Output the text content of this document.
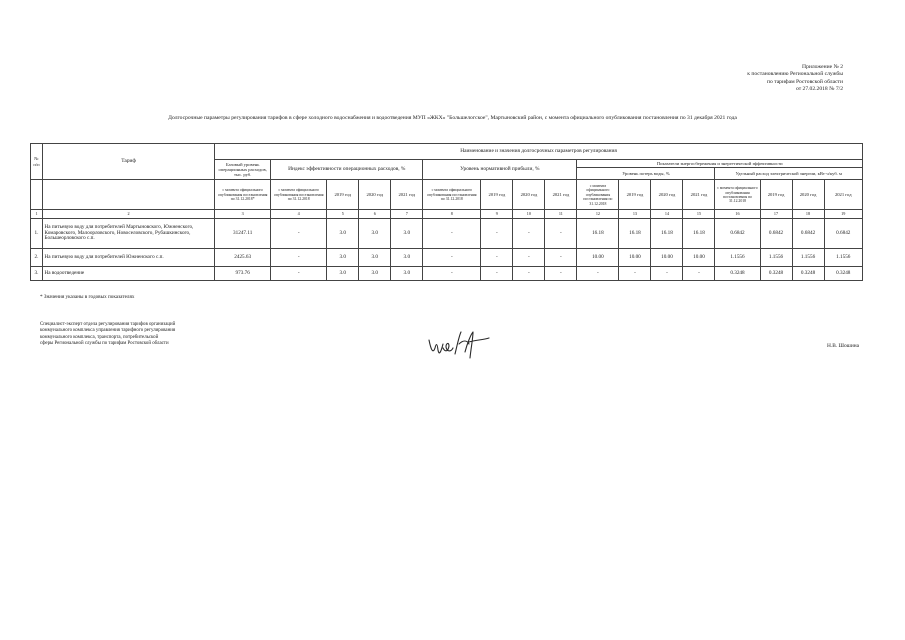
Приложение № 2
к постановлению Региональной службы
по тарифам Ростовской области
от 27.02.2018 № 7/2
Долгосрочные параметры регулирования тарифов в сфере холодного водоснабжения и водоотведения МУП «ЖКХ» "Большелогское", Мартыновский район, с момента официального опубликования постановления по 31 декабря 2021 года
№ п/п	Тариф	Наименование и значения долгосрочных параметров регулирования																
		Базовый уровень операционных расходов, тыс. руб.	Индекс эффективности операционных расходов, %				Уровень нормативной прибыли, %				Показатели энергосбережения и энергетической эффективности							
											Уровень потерь воды, %				Удельный расход электрической энергии, кВт·ч/куб. м			
		с момента официального опубликования постановления по 31.12.2018*	с момента официального опубликования постановления по 31.12.2018	2019 год	2020 год	2021 год	с момента официального опубликования постановления по 31.12.2018	2019 год	2020 год	2021 год	с момента официального опубликования постановления по 31.12.2018	2019 год	2020 год	2021 год	с момента официального опубликования постановления по 31.12.2018	2019 год	2020 год	2021 год
1	2	3	4	5	6	7	8	9	10	11	12	13	14	15	16	17	18	19
1.	На питьевую воду для потребителей Мартыновского, Южненского, Комаровского, Малоорловского, Новоселовского, Рубашкинского, Большеорловского с.п.	31247.11	-	3.0	3.0	3.0	-	-	-	-	16.18	16.18	16.18	16.18	0.6842	0.6842	0.6842	0.6842
2.	На питьевую воду для потребителей Южненского с.п.	2425.63	-	3.0	3.0	3.0	-	-	-	-	10.00	10.00	10.00	10.00	1.1556	1.1556	1.1556	1.1556
3.	На водоотведение	973.76	-	3.0	3.0	3.0	-	-	-	-	-	-	-	-	0.3248	0.3248	0.3248	0.3248
* Значения указаны в годовых показателях
Специалист-эксперт отдела регулирования тарифов организаций
коммунального комплекса управления тарифного регулирования
коммунального комплекса, транспорта, потребительской
сферы Региональной службы по тарифам Ростовской области	Н.В. Шошина
